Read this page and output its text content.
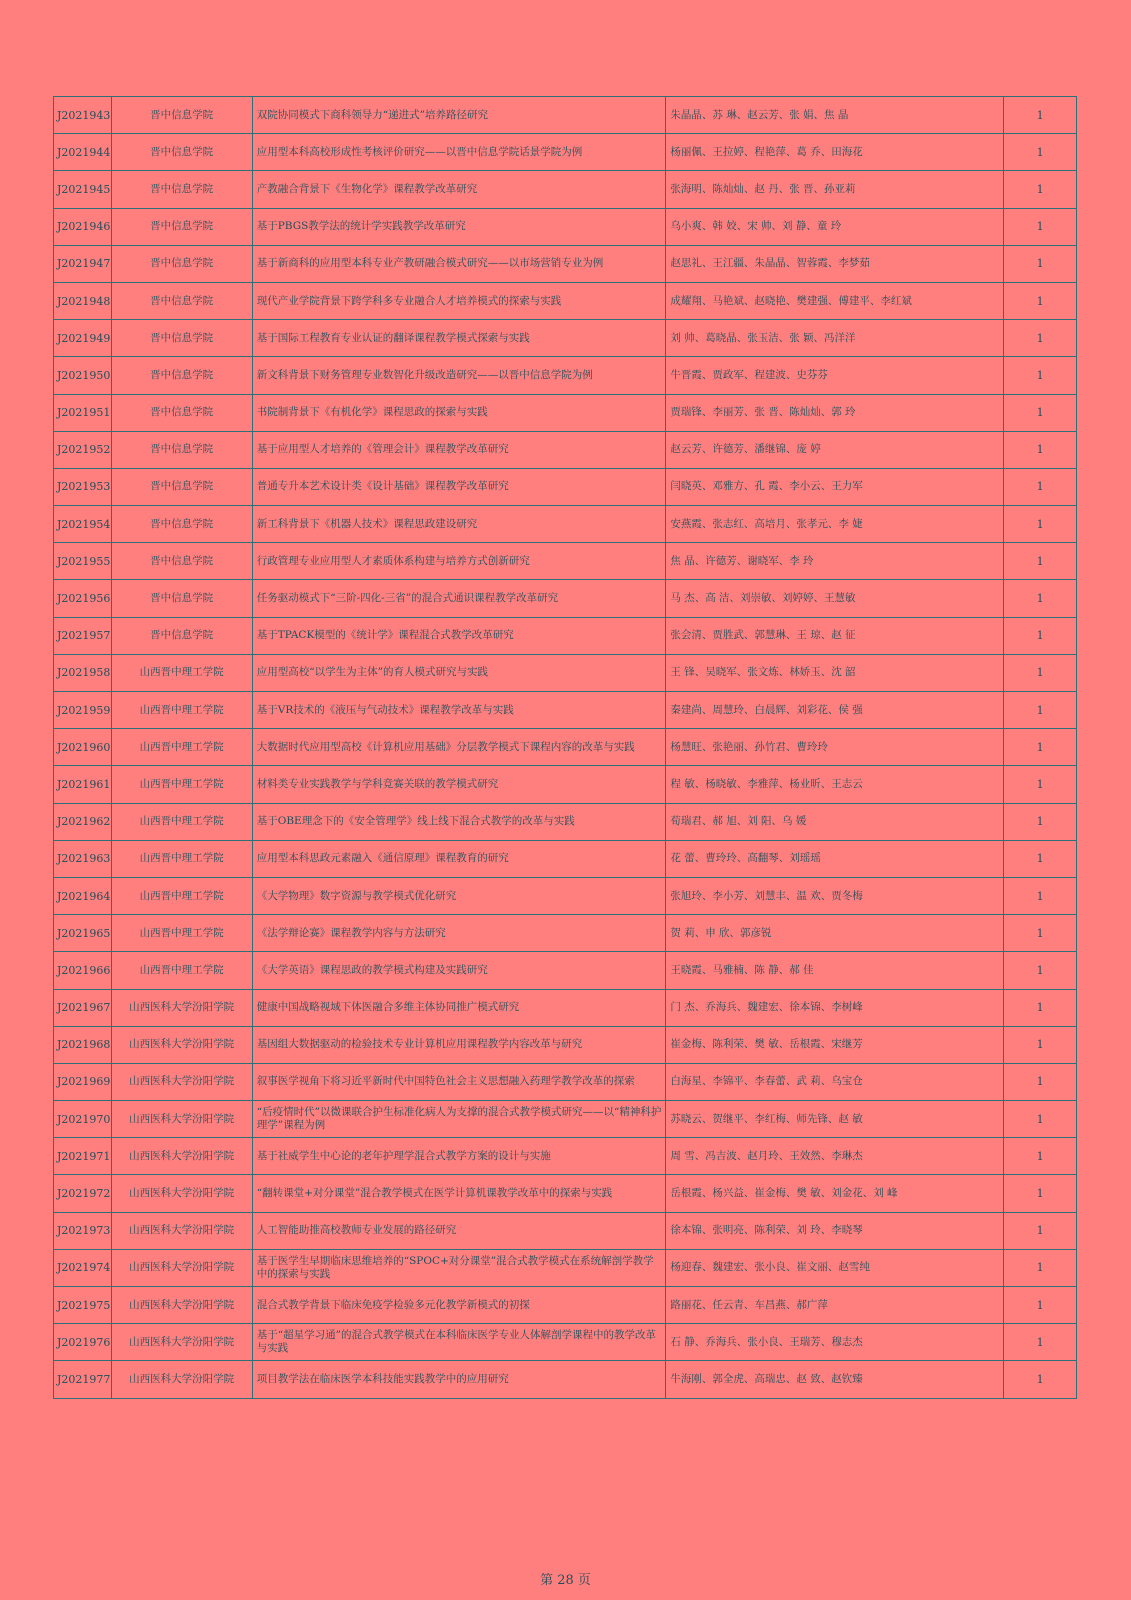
J2021943	晋中信息学院	双院协同模式下商科领导力“递进式”培养路径研究	朱晶晶、苏 琳、赵云芳、张 娟、焦 晶	1
J2021944	晋中信息学院	应用型本科高校形成性考核评价研究——以晋中信息学院话景学院为例	杨丽佩、王拉婷、程艳萍、葛 乔、田海花	1
J2021945	晋中信息学院	产教融合背景下《生物化学》课程教学改革研究	张海明、陈灿灿、赵 丹、张 晋、孙亚莉	1
J2021946	晋中信息学院	基于PBGS教学法的统计学实践教学改革研究	乌小爽、韩 姣、宋 帅、刘 静、童 玲	1
J2021947	晋中信息学院	基于新商科的应用型本科专业产教研融合模式研究——以市场营销专业为例	赵思礼、王江疆、朱晶晶、智蓉霞、李梦茹	1
J2021948	晋中信息学院	现代产业学院背景下跨学科多专业融合人才培养模式的探索与实践	成耀翔、马艳斌、赵晓艳、樊建强、傅建平、李红斌	1
J2021949	晋中信息学院	基于国际工程教育专业认证的翻译课程教学模式探索与实践	刘 帅、葛晓晶、张玉洁、张 颖、冯洋洋	1
J2021950	晋中信息学院	新文科背景下财务管理专业数智化升级改造研究——以晋中信息学院为例	牛晋霞、贾政军、程建波、史芬芬	1
J2021951	晋中信息学院	书院制背景下《有机化学》课程思政的探索与实践	贾瑞锋、李丽芳、张 晋、陈灿灿、郭 玲	1
J2021952	晋中信息学院	基于应用型人才培养的《管理会计》课程教学改革研究	赵云芳、许德芳、潘继锦、庞 婷	1
J2021953	晋中信息学院	普通专升本艺术设计类《设计基础》课程教学改革研究	闫晓英、邓雅方、孔 霞、李小云、王力军	1
J2021954	晋中信息学院	新工科背景下《机器人技术》课程思政建设研究	安燕霞、张志红、高培月、张孝元、李 婕	1
J2021955	晋中信息学院	行政管理专业应用型人才素质体系构建与培养方式创新研究	焦 晶、许德芳、谢晓军、李 玲	1
J2021956	晋中信息学院	任务驱动模式下“三阶-四化-三省”的混合式通识课程教学改革研究	马 杰、高 洁、刘崇敏、刘婷婷、王慧敏	1
J2021957	晋中信息学院	基于TPACK模型的《统计学》课程混合式教学改革研究	张会清、贾胜武、郭慧琳、王 琼、赵 征	1
J2021958	山西晋中理工学院	应用型高校“以学生为主体”的育人模式研究与实践	王 锋、吴晓军、张文炼、林娇玉、沈 韶	1
J2021959	山西晋中理工学院	基于VR技术的《液压与气动技术》课程教学改革与实践	秦建尚、周慧玲、白晨辉、刘彩花、侯 强	1
J2021960	山西晋中理工学院	大数据时代应用型高校《计算机应用基础》分层教学模式下课程内容的改革与实践	杨慧旺、张艳丽、孙竹君、曹玲玲	1
J2021961	山西晋中理工学院	材料类专业实践教学与学科竞赛关联的教学模式研究	程 敏、杨晓敏、李雅萍、杨业昕、王志云	1
J2021962	山西晋中理工学院	基于OBE理念下的《安全管理学》线上线下混合式教学的改革与实践	荀瑞君、郝 旭、刘 阳、乌 媛	1
J2021963	山西晋中理工学院	应用型本科思政元素融入《通信原理》课程教育的研究	花 蕾、曹玲玲、高翻琴、刘瑶瑶	1
J2021964	山西晋中理工学院	《大学物理》数字资源与教学模式优化研究	张旭玲、李小芳、刘慧丰、温 欢、贾冬梅	1
J2021965	山西晋中理工学院	《法学辩论赛》课程教学内容与方法研究	贺 莉、申 欣、郭彦锐	1
J2021966	山西晋中理工学院	《大学英语》课程思政的教学模式构建及实践研究	王晓霞、马雅楠、陈 静、郝 佳	1
J2021967	山西医科大学汾阳学院	健康中国战略视域下体医融合多维主体协同推广模式研究	门 杰、乔海兵、魏建宏、徐本锦、李树峰	1
J2021968	山西医科大学汾阳学院	基因组大数据驱动的检验技术专业计算机应用课程教学内容改革与研究	崔金梅、陈利荣、樊 敏、岳根霞、宋继芳	1
J2021969	山西医科大学汾阳学院	叙事医学视角下将习近平新时代中国特色社会主义思想融入药理学教学改革的探索	白海星、李锦平、李春蕾、武 莉、乌宝仓	1
J2021970	山西医科大学汾阳学院	“后疫情时代”以微课联合护生标准化病人为支撑的混合式教学模式研究——以“精神科护理学”课程为例	苏晓云、贺继平、李红梅、师先锋、赵 敏	1
J2021971	山西医科大学汾阳学院	基于社威学生中心论的老年护理学混合式教学方案的设计与实施	周 雪、冯吉波、赵月玲、王效然、李琳杰	1
J2021972	山西医科大学汾阳学院	“翻转课堂+对分课堂”混合教学模式在医学计算机课教学改革中的探索与实践	岳根霞、杨兴益、崔金梅、樊 敏、刘金花、刘 峰	1
J2021973	山西医科大学汾阳学院	人工智能助推高校教师专业发展的路径研究	徐本锦、张明亮、陈利荣、刘 玲、李晓琴	1
J2021974	山西医科大学汾阳学院	基于医学生早期临床思维培养的“SPOC+对分课堂”混合式教学模式在系统解剖学教学中的探索与实践	杨迎春、魏建宏、张小良、崔文丽、赵雪纯	1
J2021975	山西医科大学汾阳学院	混合式教学背景下临床免疫学检验多元化教学新模式的初探	路丽花、任云青、车昌燕、郝广萍	1
J2021976	山西医科大学汾阳学院	基于“超星学习通”的混合式教学模式在本科临床医学专业人体解剖学课程中的教学改革与实践	石 静、乔海兵、张小良、王瑞芳、穆志杰	1
J2021977	山西医科大学汾阳学院	项目教学法在临床医学本科技能实践教学中的应用研究	牛海刚、郭全虎、高瑞忠、赵 致、赵钦臻	1
第 28 页
